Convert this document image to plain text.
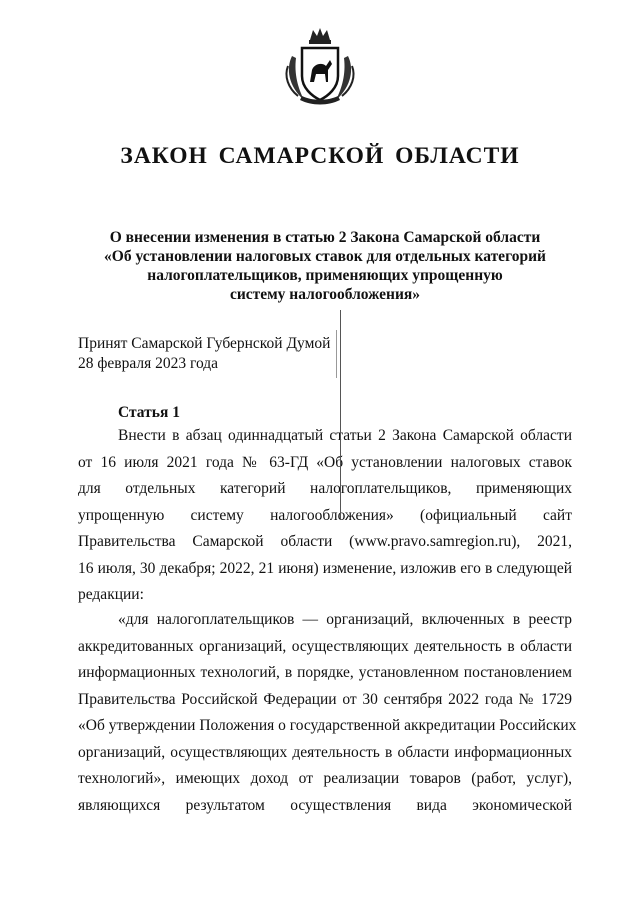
ЗАКОН САМАРСКОЙ ОБЛАСТИ
О внесении изменения в статью 2 Закона Самарской области
«Об установлении налоговых ставок для отдельных категорий
налогоплательщиков, применяющих упрощенную
систему налогообложения»
Принят Самарской Губернской Думой
28 февраля 2023 года
Статья 1
Внести в абзац одиннадцатый статьи 2 Закона Самарской области
от 16 июля 2021 года № 63-ГД «Об установлении налоговых ставок
для отдельных категорий налогоплательщиков, применяющих
упрощенную систему налогообложения» (официальный сайт
Правительства Самарской области (www.pravo.samregion.ru), 2021,
16 июля, 30 декабря; 2022, 21 июня) изменение, изложив его в следующей
редакции:
«для налогоплательщиков — организаций, включенных в реестр
аккредитованных организаций, осуществляющих деятельность в области
информационных технологий, в порядке, установленном постановлением
Правительства Российской Федерации от 30 сентября 2022 года № 1729
«Об утверждении Положения о государственной аккредитации Российских
организаций, осуществляющих деятельность в области информационных
технологий», имеющих доход от реализации товаров (работ, услуг),
являющихся результатом осуществления вида экономической
